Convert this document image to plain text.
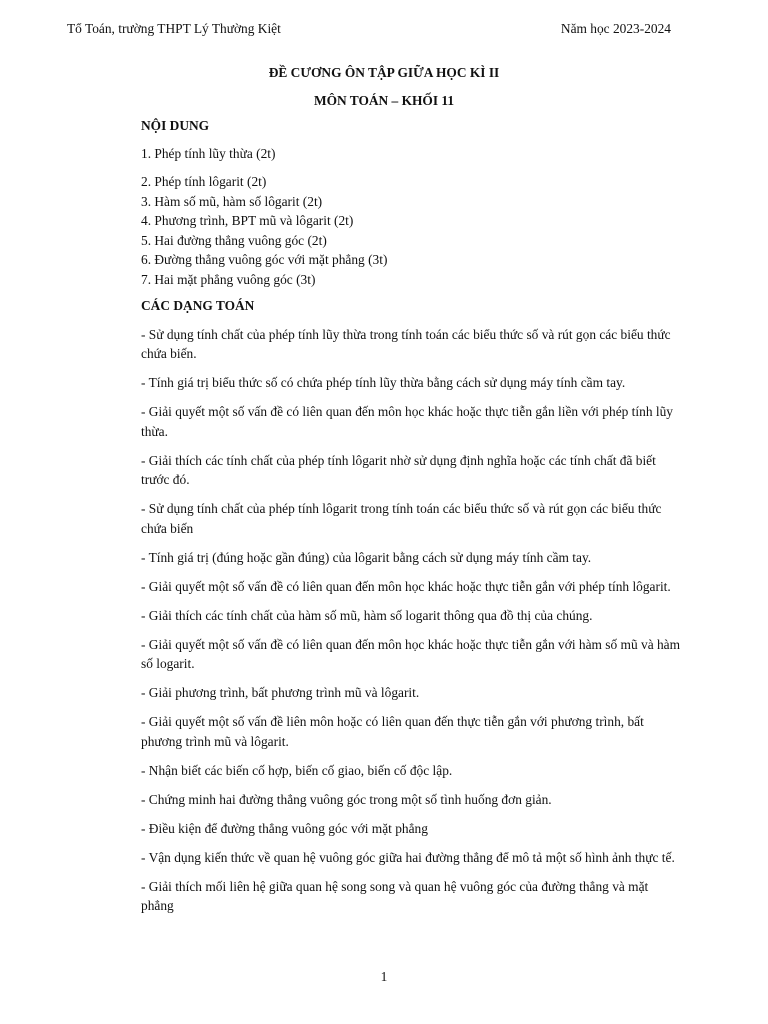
Tổ Toán, trường THPT Lý Thường Kiệt	Năm học 2023-2024
ĐỀ CƯƠNG ÔN TẬP GIỮA HỌC KÌ II
MÔN TOÁN – KHỐI 11

NỘI DUNG

1. Phép tính lũy thừa (2t)
2. Phép tính lôgarit (2t)
3. Hàm số mũ, hàm số lôgarit (2t)
4. Phương trình, BPT mũ và lôgarit (2t)
5. Hai đường thẳng vuông góc (2t)
6. Đường thẳng vuông góc với mặt phẳng (3t)
7. Hai mặt phẳng vuông góc (3t)

CÁC DẠNG TOÁN

- Sử dụng tính chất của phép tính lũy thừa trong tính toán các biểu thức số và rút gọn các biểu thức chứa biến.

- Tính giá trị biểu thức số có chứa phép tính lũy thừa bằng cách sử dụng máy tính cầm tay.

- Giải quyết một số vấn đề có liên quan đến môn học khác hoặc thực tiễn gắn liền với phép tính lũy thừa.

- Giải thích các tính chất của phép tính lôgarit nhờ sử dụng định nghĩa hoặc các tính chất đã biết trước đó.

- Sử dụng tính chất của phép tính lôgarit trong tính toán các biểu thức số và rút gọn các biểu thức chứa biến

- Tính giá trị (đúng hoặc gần đúng) của lôgarit bằng cách sử dụng máy tính cầm tay.

- Giải quyết một số vấn đề có liên quan đến môn học khác hoặc thực tiễn gắn với phép tính lôgarit.

- Giải thích các tính chất của hàm số mũ, hàm số logarit thông qua đồ thị của chúng.

- Giải quyết một số vấn đề có liên quan đến môn học khác hoặc thực tiễn gắn với hàm số mũ và hàm số logarit.

- Giải phương trình, bất phương trình mũ và lôgarit.

- Giải quyết một số vấn đề liên môn hoặc có liên quan đến thực tiễn gắn với phương trình, bất phương trình mũ và lôgarit.

- Nhận biết các biến cố hợp, biến cố giao, biến cố độc lập.

- Chứng minh hai đường thẳng vuông góc trong một số tình huống đơn giản.

- Điều kiện để đường thẳng vuông góc với mặt phẳng

- Vận dụng kiến thức về quan hệ vuông góc giữa hai đường thẳng để mô tả một số hình ảnh thực tế.

- Giải thích mối liên hệ giữa quan hệ song song và quan hệ vuông góc của đường thẳng và mặt phẳng

1
